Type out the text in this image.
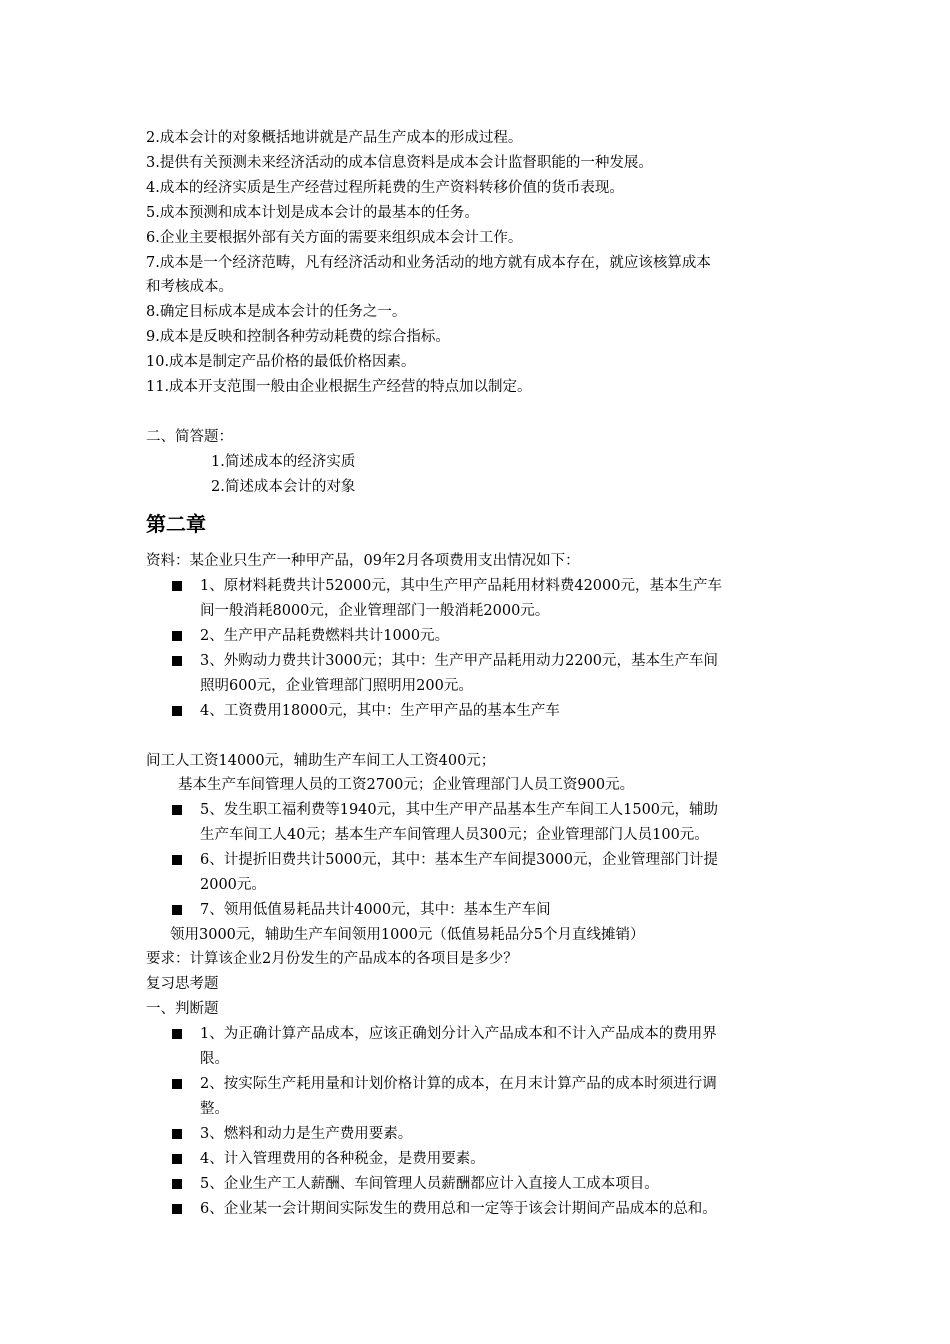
2.成本会计的对象概括地讲就是产品生产成本的形成过程。
3.提供有关预测未来经济活动的成本信息资料是成本会计监督职能的一种发展。
4.成本的经济实质是生产经营过程所耗费的生产资料转移价值的货币表现。
5.成本预测和成本计划是成本会计的最基本的任务。
6.企业主要根据外部有关方面的需要来组织成本会计工作。
7.成本是一个经济范畴，凡有经济活动和业务活动的地方就有成本存在，就应该核算成本
和考核成本。
8.确定目标成本是成本会计的任务之一。
9.成本是反映和控制各种劳动耗费的综合指标。
10.成本是制定产品价格的最低价格因素。
11.成本开支范围一般由企业根据生产经营的特点加以制定。
二、简答题：
1.简述成本的经济实质
2.简述成本会计的对象
第二章
资料：某企业只生产一种甲产品，09年2月各项费用支出情况如下：
1、原材料耗费共计52000元，其中生产甲产品耗用材料费42000元，基本生产车
间一般消耗8000元，企业管理部门一般消耗2000元。
2、生产甲产品耗费燃料共计1000元。
3、外购动力费共计3000元；其中：生产甲产品耗用动力2200元，基本生产车间
照明600元，企业管理部门照明用200元。
4、工资费用18000元，其中：生产甲产品的基本生产车
间工人工资14000元，辅助生产车间工人工资400元；
基本生产车间管理人员的工资2700元；企业管理部门人员工资900元。
5、发生职工福利费等1940元，其中生产甲产品基本生产车间工人1500元，辅助
生产车间工人40元；基本生产车间管理人员300元；企业管理部门人员100元。
6、计提折旧费共计5000元，其中：基本生产车间提3000元，企业管理部门计提
2000元。
7、领用低值易耗品共计4000元，其中：基本生产车间
领用3000元，辅助生产车间领用1000元（低值易耗品分5个月直线摊销）
要求：计算该企业2月份发生的产品成本的各项目是多少？
复习思考题
一、判断题
1、为正确计算产品成本，应该正确划分计入产品成本和不计入产品成本的费用界
限。
2、按实际生产耗用量和计划价格计算的成本，在月末计算产品的成本时须进行调
整。
3、燃料和动力是生产费用要素。
4、计入管理费用的各种税金，是费用要素。
5、企业生产工人薪酬、车间管理人员薪酬都应计入直接人工成本项目。
6、企业某一会计期间实际发生的费用总和一定等于该会计期间产品成本的总和。
